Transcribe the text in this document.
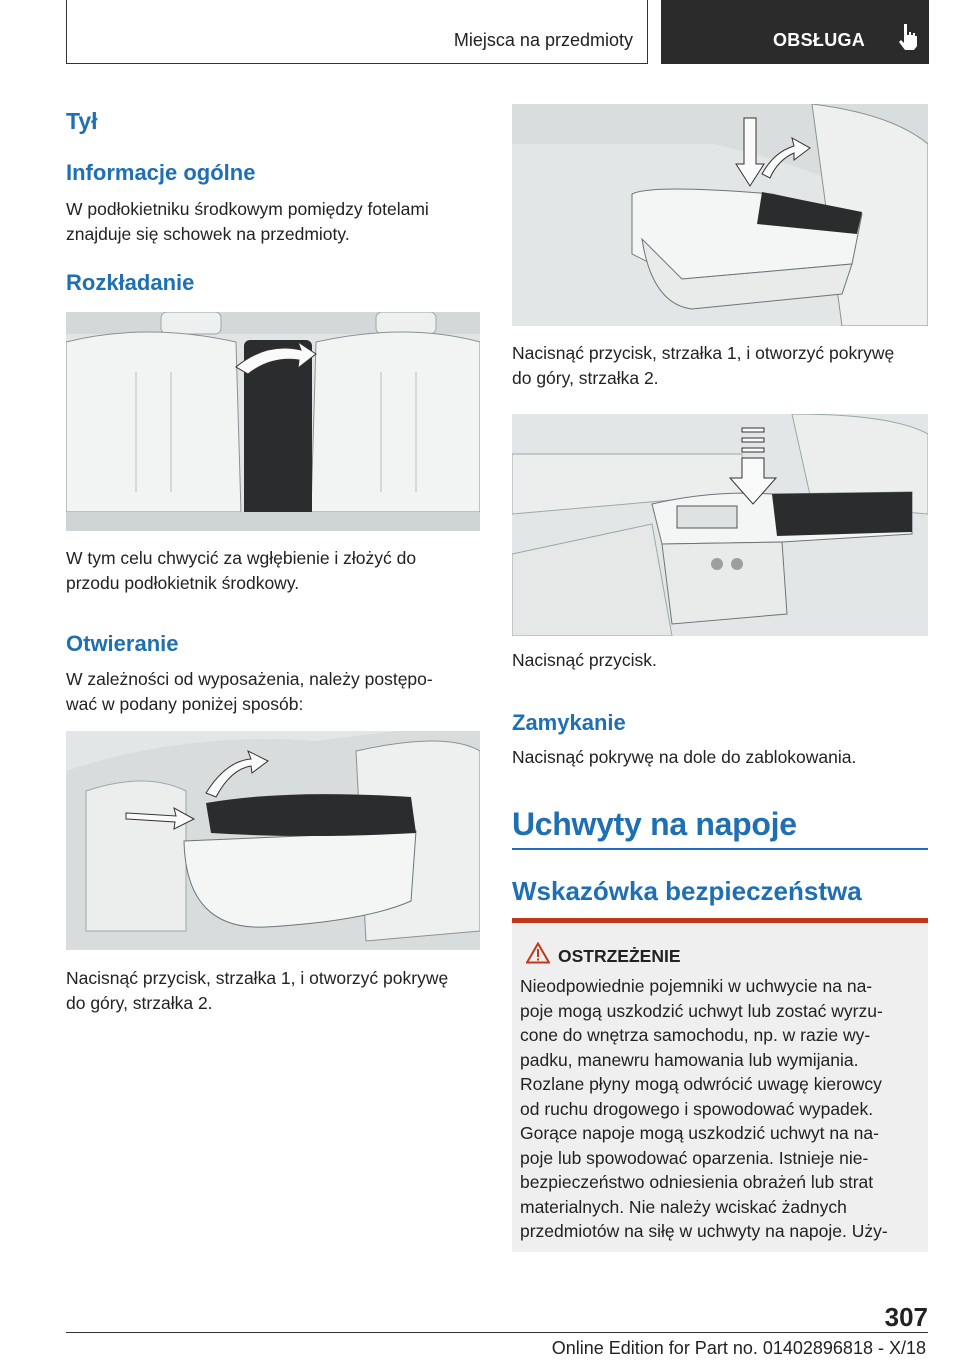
Miejsca na przedmioty	OBSŁUGA
Tył
Informacje ogólne
W podłokietniku środkowym pomiędzy fotelami
znajduje się schowek na przedmioty.
Rozkładanie
W tym celu chwycić za wgłębienie i złożyć do
przodu podłokietnik środkowy.
Otwieranie
W zależności od wyposażenia, należy postępo-
wać w podany poniżej sposób:
Nacisnąć przycisk, strzałka 1, i otworzyć pokrywę
do góry, strzałka 2.
Nacisnąć przycisk, strzałka 1, i otworzyć pokrywę
do góry, strzałka 2.
Nacisnąć przycisk.
Zamykanie
Nacisnąć pokrywę na dole do zablokowania.
Uchwyty na napoje
Wskazówka bezpieczeństwa
OSTRZEŻENIE
Nieodpowiednie pojemniki w uchwycie na na-
poje mogą uszkodzić uchwyt lub zostać wyrzu-
cone do wnętrza samochodu, np. w razie wy-
padku, manewru hamowania lub wymijania.
Rozlane płyny mogą odwrócić uwagę kierowcy
od ruchu drogowego i spowodować wypadek.
Gorące napoje mogą uszkodzić uchwyt na na-
poje lub spowodować oparzenia. Istnieje nie-
bezpieczeństwo odniesienia obrażeń lub strat
materialnych. Nie należy wciskać żadnych
przedmiotów na siłę w uchwyty na napoje. Uży-
307
Online Edition for Part no. 01402896818 - X/18
